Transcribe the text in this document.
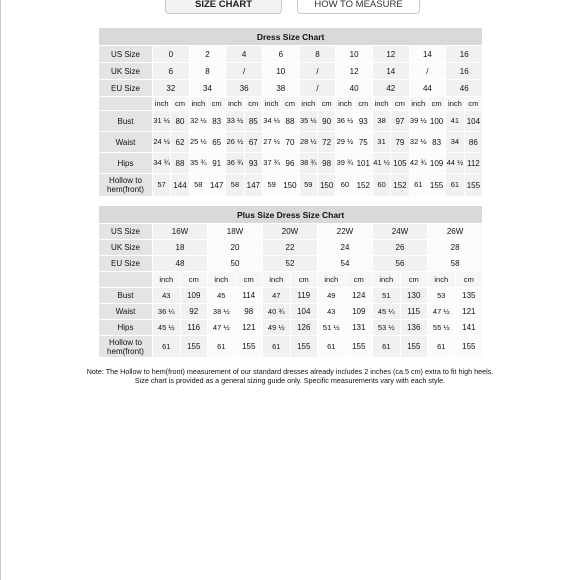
SIZE CHART	HOW TO MEASURE
Dress Size Chart																		
US Size	0		2		4		6		8		10		12		14		16	
UK Size	6		8		/		10		/		12		14		/		16	
EU Size	32		34		36		38		/		40		42		44		46	
	inch	cm	inch	cm	inch	cm	inch	cm	inch	cm	inch	cm	inch	cm	inch	cm	inch	cm
Bust	31 ½	80	32 ½	83	33 ½	85	34 ½	88	35 ½	90	36 ½	93	38	97	39 ½	100	41	104
Waist	24 ½	62	25 ½	65	26 ½	67	27 ½	70	28 ½	72	29 ½	75	31	79	32 ½	83	34	86
Hips	34 ¾	88	35 ¾	91	36 ¾	93	37 ¾	96	38 ¾	98	39 ¾	101	41 ½	105	42 ¾	109	44 ½	112
Hollow to hem(front)	57	144	58	147	58	147	59	150	59	150	60	152	60	152	61	155	61	155
Plus Size Dress Size Chart												
US Size	16W		18W		20W		22W		24W		26W	
UK Size	18		20		22		24		26		28	
EU Size	48		50		52		54		56		58	
	inch	cm	inch	cm	inch	cm	inch	cm	inch	cm	inch	cm
Bust	43	109	45	114	47	119	49	124	51	130	53	135
Waist	36 ¼	92	38 ½	98	40 ¾	104	43	109	45 ¼	115	47 ½	121
Hips	45 ½	116	47 ½	121	49 ½	126	51 ½	131	53 ½	136	55 ½	141
Hollow to hem(front)	61	155	61	155	61	155	61	155	61	155	61	155
Note: The Hollow to hem(front) measurement of our standard dresses already includes 2 inches (ca.5 cm) extra to fit high heels. Size chart is provided as a general sizing guide only. Specific measurements vary with each style.
